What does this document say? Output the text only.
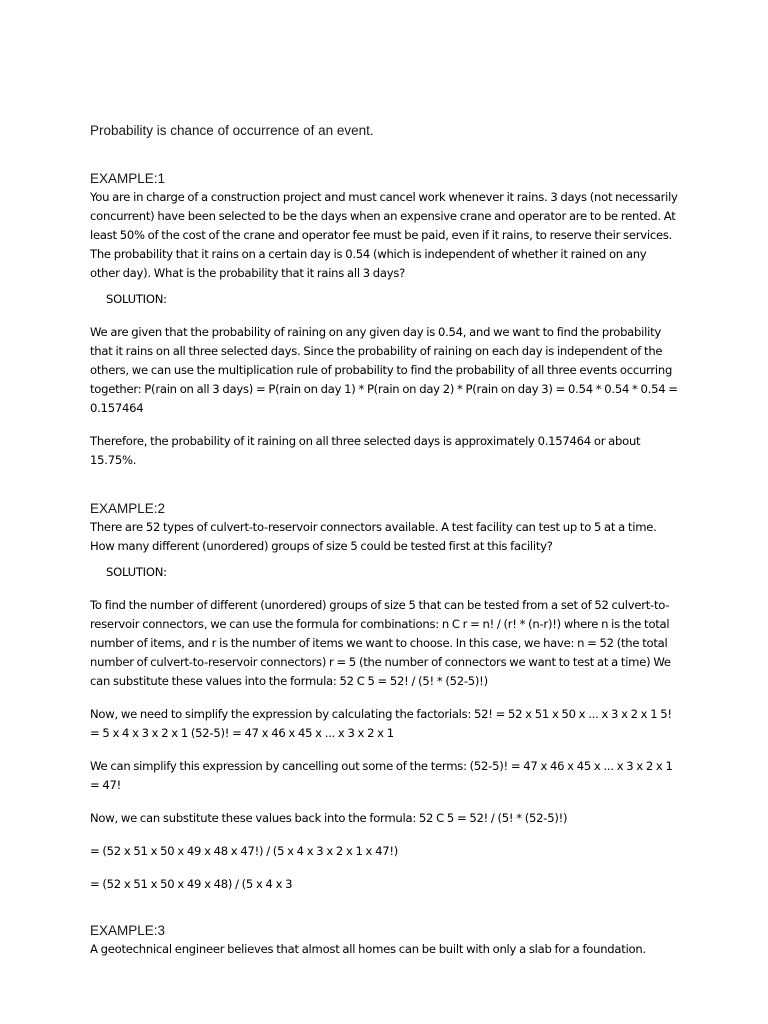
Probability is chance of occurrence of an event.

EXAMPLE:1

You are in charge of a construction project and must cancel work whenever it rains. 3 days (not necessarily concurrent) have been selected to be the days when an expensive crane and operator are to be rented. At least 50% of the cost of the crane and operator fee must be paid, even if it rains, to reserve their services. The probability that it rains on a certain day is 0.54 (which is independent of whether it rained on any other day). What is the probability that it rains all 3 days?

SOLUTION:

We are given that the probability of raining on any given day is 0.54, and we want to find the probability that it rains on all three selected days. Since the probability of raining on each day is independent of the others, we can use the multiplication rule of probability to find the probability of all three events occurring together: P(rain on all 3 days) = P(rain on day 1) * P(rain on day 2) * P(rain on day 3) = 0.54 * 0.54 * 0.54 = 0.157464

Therefore, the probability of it raining on all three selected days is approximately 0.157464 or about 15.75%.

EXAMPLE:2

There are 52 types of culvert-to-reservoir connectors available. A test facility can test up to 5 at a time. How many different (unordered) groups of size 5 could be tested first at this facility?

SOLUTION:

To find the number of different (unordered) groups of size 5 that can be tested from a set of 52 culvert-to-reservoir connectors, we can use the formula for combinations: n C r = n! / (r! * (n-r)!) where n is the total number of items, and r is the number of items we want to choose. In this case, we have: n = 52 (the total number of culvert-to-reservoir connectors) r = 5 (the number of connectors we want to test at a time) We can substitute these values into the formula: 52 C 5 = 52! / (5! * (52-5)!)

Now, we need to simplify the expression by calculating the factorials: 52! = 52 x 51 x 50 x ... x 3 x 2 x 1 5! = 5 x 4 x 3 x 2 x 1 (52-5)! = 47 x 46 x 45 x ... x 3 x 2 x 1

We can simplify this expression by cancelling out some of the terms: (52-5)! = 47 x 46 x 45 x ... x 3 x 2 x 1 = 47!

Now, we can substitute these values back into the formula: 52 C 5 = 52! / (5! * (52-5)!)

= (52 x 51 x 50 x 49 x 48 x 47!) / (5 x 4 x 3 x 2 x 1 x 47!)

= (52 x 51 x 50 x 49 x 48) / (5 x 4 x 3

EXAMPLE:3

A geotechnical engineer believes that almost all homes can be built with only a slab for a foundation.
